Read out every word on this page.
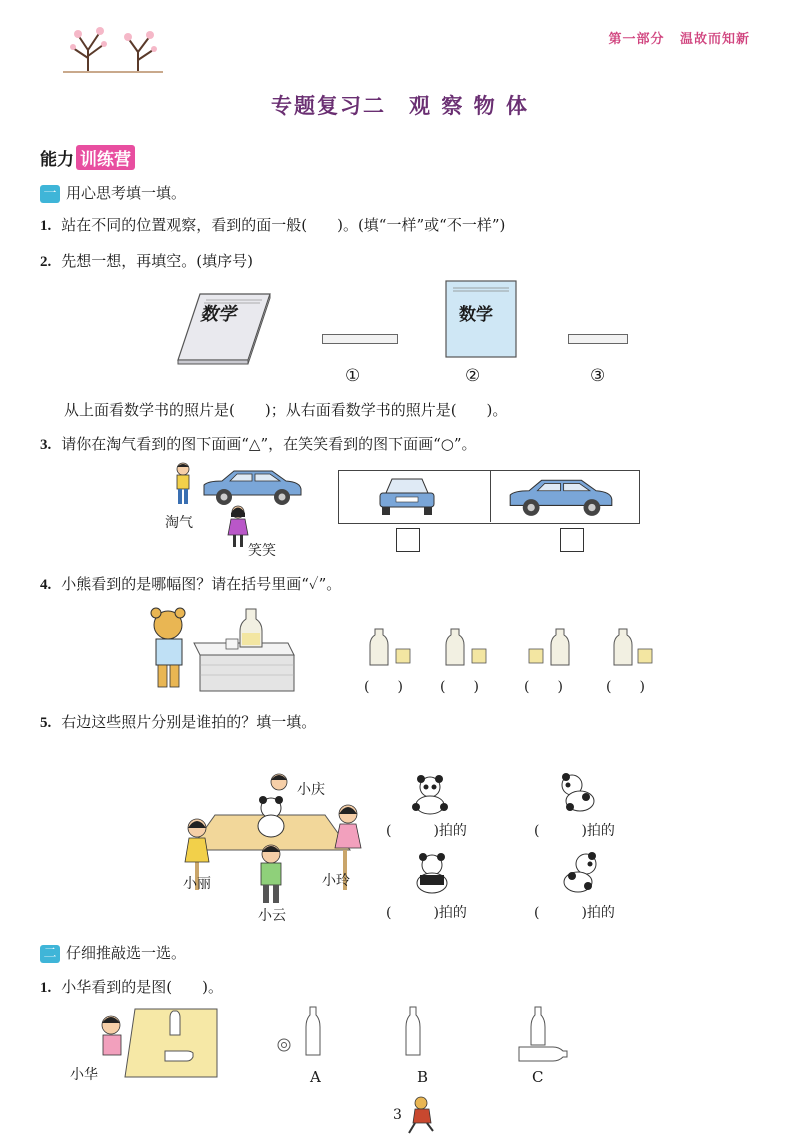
第一部分 温故而知新
专题复习二　观 察 物 体
能力 训练营
一 用心思考填一填。
1. 站在不同的位置观察，看到的面一般(　　)。(填“一样”或“不一样”)
2. 先想一想，再填空。(填序号)
数学	数学
①	②	③
从上面看数学书的照片是(　　)；从右面看数学书的照片是(　　)。
3. 请你在淘气看到的图下面画“△”，在笑笑看到的图下面画“○”。
淘气
笑笑
4. 小熊看到的是哪幅图？请在括号里画“✓”。
(　　)	(　　)	(　　)	(　　)
5. 右边这些照片分别是谁拍的？填一填。
小庆
小丽	小玲
小云
(　　　)拍的	(　　　)拍的
(　　　)拍的	(　　　)拍的
二 仔细推敲选一选。
1. 小华看到的是图(　　)。
小华	A	B	C
3
